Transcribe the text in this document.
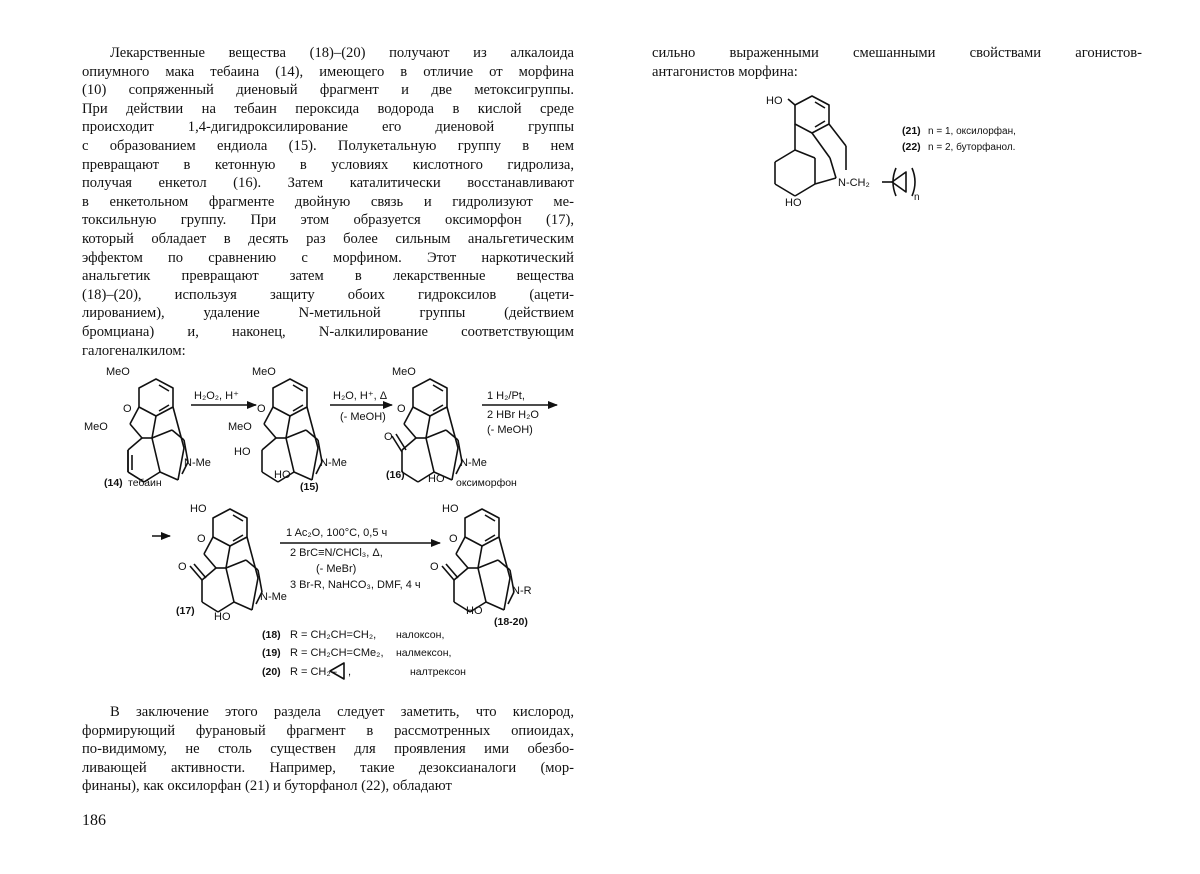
Лекарственные вещества (18)–(20) получают из алкалоида
опиумного мака тебаина (14), имеющего в отличие от морфина
(10) сопряженный диеновый фрагмент и две метоксигруппы.
При действии на тебаин пероксида водорода в кислой среде
происходит 1,4-дигидроксилирование его диеновой группы
с образованием ендиола (15). Полукетальную группу в нем
превращают в кетонную в условиях кислотного гидролиза,
получая енкетол (16). Затем каталитически восстанавливают
в енкетольном фрагменте двойную связь и гидролизуют ме-
токсильную группу. При этом образуется оксиморфон (17),
который обладает в десять раз более сильным анальгетическим
эффектом по сравнению с морфином. Этот наркотический
анальгетик превращают затем в лекарственные вещества
(18)–(20), используя защиту обоих гидроксилов (ацети-
лированием), удаление N-метильной группы (действием
бромциана) и, наконец, N-алкилирование соответствующим
галогеналкилом:
сильно выраженными смешанными свойствами агонистов-
антагонистов морфина:
В заключение этого раздела следует заметить, что кислород,
формирующий фурановый фрагмент в рассмотренных опиоидах,
по-видимому, не столь существен для проявления ими обезбо-
ливающей активности. Например, такие дезоксианалоги (мор-
финаны), как оксилорфан (21) и буторфанол (22), обладают
186
MeO
O
MeO
N-Me
(14) тебаин
H₂O₂, H⁺
MeO
O
MeO
HO
HO
N-Me
(15)
H₂O, H⁺, Δ
(- MeOH)
MeO
O
O
N-Me
HO
(16)
оксиморфон
1 H₂/Pt,
2 HBr H₂O
(- MeOH)
HO
O
O
N-Me
HO
(17)
1 Ac₂O, 100°C, 0,5 ч
2 BrC≡N/CHCl₃, Δ,
(- MeBr)
3 Br-R, NaHCO₃, DMF, 4 ч
HO
O
O
N-R
HO
(18-20)
(18) R = CH₂CH=CH₂, налоксон,
(19) R = CH₂CH=CMe₂, налмексон,
(20) R = CH₂– ,	налтрексон
HO
HO
N-CH₂
n
(21) n = 1, оксилорфан,
(22) n = 2, буторфанол.
